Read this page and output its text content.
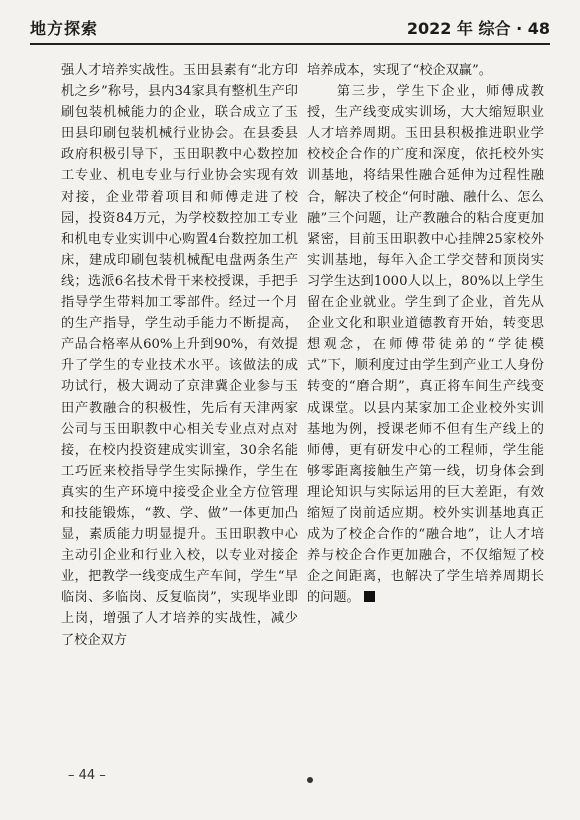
地方探索	2022 年 综合 · 48

强人才培养实战性。玉田县素有“北方印机之乡”称号，县内34家具有整机生产印刷包装机械能力的企业，联合成立了玉田县印刷包装机械行业协会。在县委县政府积极引导下，玉田职教中心数控加工专业、机电专业与行业协会实现有效对接，企业带着项目和师傅走进了校园，投资84万元，为学校数控加工专业和机电专业实训中心购置4台数控加工机床，建成印刷包装机械配电盘两条生产线；选派6名技术骨干来校授课，手把手指导学生带料加工零部件。经过一个月的生产指导，学生动手能力不断提高，产品合格率从60%上升到90%，有效提升了学生的专业技术水平。该做法的成功试行，极大调动了京津冀企业参与玉田产教融合的积极性，先后有天津两家公司与玉田职教中心相关专业点对点对接，在校内投资建成实训室，30余名能工巧匠来校指导学生实际操作，学生在真实的生产环境中接受企业全方位管理和技能锻炼，“教、学、做”一体更加凸显，素质能力明显提升。玉田职教中心主动引企业和行业入校，以专业对接企业，把教学一线变成生产车间，学生“早临岗、多临岗、反复临岗”，实现毕业即上岗，增强了人才培养的实战性，减少了校企双方

培养成本，实现了“校企双赢”。

　　第三步，学生下企业，师傅成教授，生产线变成实训场，大大缩短职业人才培养周期。玉田县积极推进职业学校校企合作的广度和深度，依托校外实训基地，将结果性融合延伸为过程性融合，解决了校企“何时融、融什么、怎么融”三个问题，让产教融合的粘合度更加紧密，目前玉田职教中心挂牌25家校外实训基地，每年入企工学交替和顶岗实习学生达到1000人以上，80%以上学生留在企业就业。学生到了企业，首先从企业文化和职业道德教育开始，转变思想观念，在师傅带徒弟的“学徒模式”下，顺利度过由学生到产业工人身份转变的“磨合期”，真正将车间生产线变成课堂。以县内某家加工企业校外实训基地为例，授课老师不但有生产线上的师傅，更有研发中心的工程师，学生能够零距离接触生产第一线，切身体会到理论知识与实际运用的巨大差距，有效缩短了岗前适应期。校外实训基地真正成为了校企合作的“融合地”，让人才培养与校企合作更加融合，不仅缩短了校企之间距离，也解决了学生培养周期长的问题。

– 44 –
